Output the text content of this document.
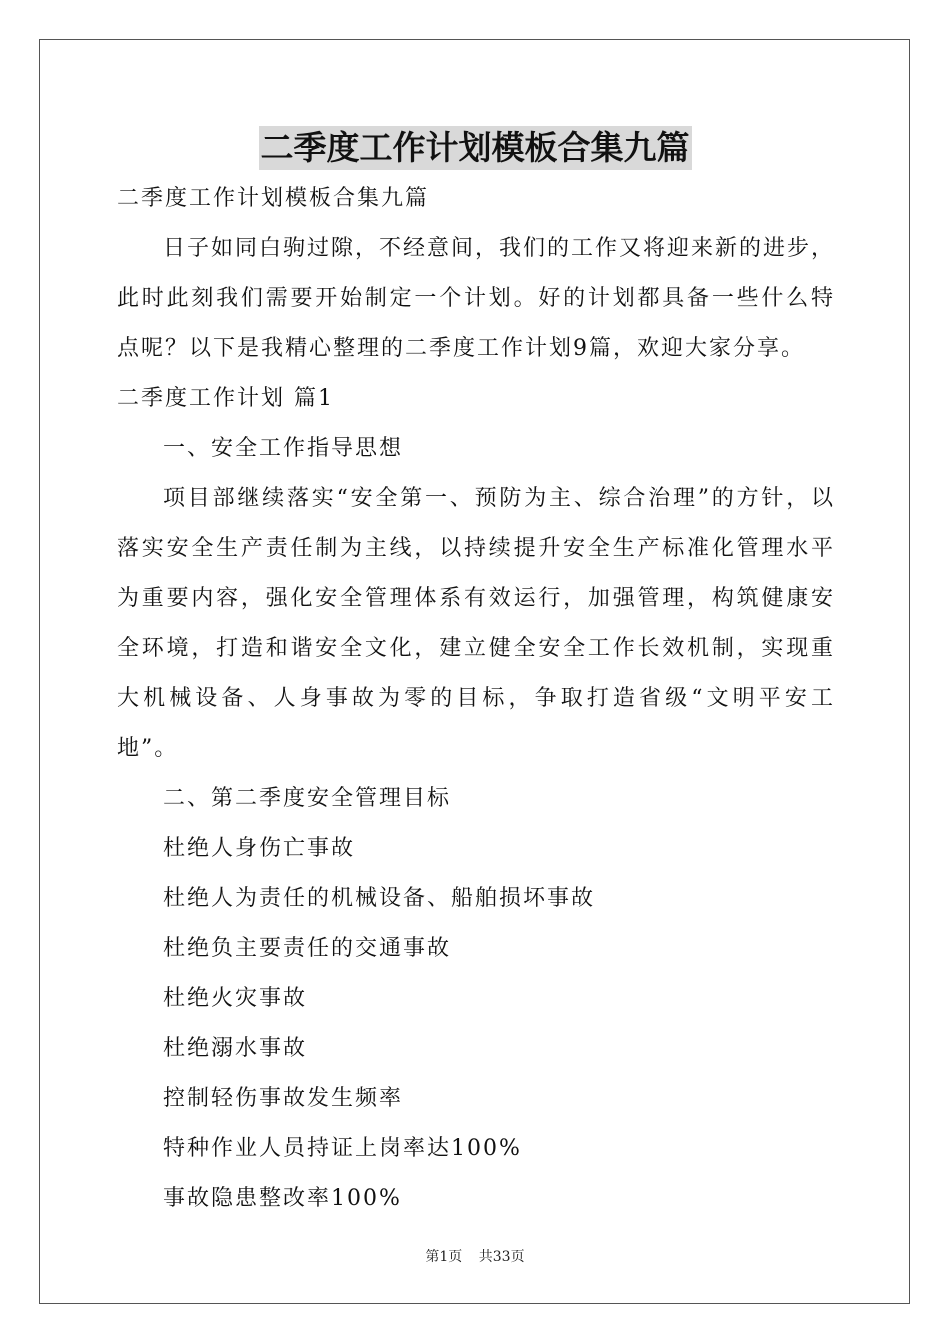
二季度工作计划模板合集九篇
二季度工作计划模板合集九篇
日子如同白驹过隙，不经意间，我们的工作又将迎来新的进步，此时此刻我们需要开始制定一个计划。好的计划都具备一些什么特点呢？以下是我精心整理的二季度工作计划9篇，欢迎大家分享。
二季度工作计划 篇1
一、安全工作指导思想
项目部继续落实“安全第一、预防为主、综合治理”的方针，以落实安全生产责任制为主线，以持续提升安全生产标准化管理水平为重要内容，强化安全管理体系有效运行，加强管理，构筑健康安全环境，打造和谐安全文化，建立健全安全工作长效机制，实现重大机械设备、人身事故为零的目标，争取打造省级“文明平安工地”。
二、第二季度安全管理目标
杜绝人身伤亡事故
杜绝人为责任的机械设备、船舶损坏事故
杜绝负主要责任的交通事故
杜绝火灾事故
杜绝溺水事故
控制轻伤事故发生频率
特种作业人员持证上岗率达100%
事故隐患整改率100%
第1页 共33页
